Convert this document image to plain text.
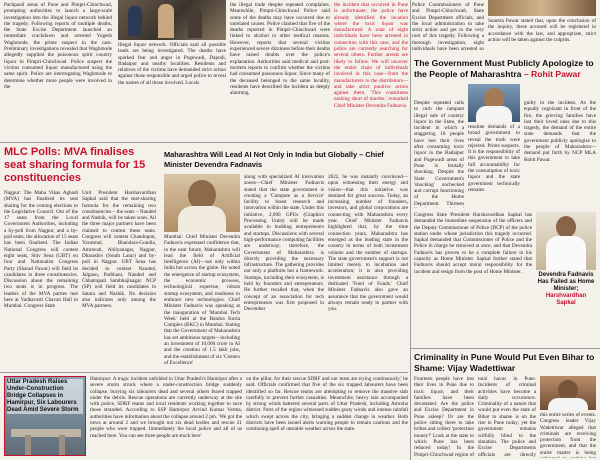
Pachpaoli areas of Pune and Pimpri-Chinchwad, prompting authorities to launch a large-scale investigation into the illegal liquor network behind the tragedy. Following reports of multiple deaths, the State Excise Department launched an immediate crackdown and arrested Yogesh Waghmode, the prime suspect in the case. Preliminary investigations revealed that Waghmode allegedly supplied the poisonous spirit country liquor in Pimpri-Chinchwad. Police suspect the victims consumed liquor manufactured using the same spirit. Police are interrogating Waghmode to determine whether more people were involved in the

Illegal liquor network. Officials said all possible leads are being investigated. The deaths have sparked fear and anger in Pugewadi, Dapodi, Badaipur and nearby localities. Residents and relatives of the victims have demanded strict action against those responsible and urged police to reveal the names of all those involved. Locals

the illegal trade despite repeated complaints. Meanwhile, Pimpri-Chinchwad Police said some of the deaths may have occurred due to unrelated causes. Police claimed that five of the deaths reported in Pimpri-Chinchwad were linked to alcohol or other medical reasons. However, reports that several victims experienced severe dizziness before their deaths have raised doubts over the police's explanation. Authorities said medical and post-mortem reports to confirm whether the victims had consumed poisonous liquor. Since many of the deceased belonged to the same locality, residents have described the incident as deeply alarming.

the incident that occurred in Pune is unfortunate; the police have already identified the location where the toxic liquor was manufactured. A total of eight individuals have been arrested in connection with this case, and the police are currently searching for several others. Further arrests are likely to follow. We will uncover the entire chain of individuals involved in this case—from the manufacturers to the distributors—and take strict punitive action against them. 'This constitutes nothing short of murder,' remarked Chief Minister Devendra Fadnavis.

Police Commissioners of Pune and Pimpri-Chinchwad, State Excise Department officials, and the local administration to take strict action and get to the very root of this tragedy. Following a thorough investigation, eight individuals have been arrested so

Sunetra Pawar stated that, upon the conclusion of the inquiry, these accused will be registered in accordance with the law, and appropriate, strict action will be taken against the culprits.

MLC Polls: MVA finalises seat sharing formula for 15 constituencies

Nagpur: The Maha Vikas Aghadi (MVA) has finalised its seat sharing for the coming elections to the Legislative Council. Out of the 17 seats from the Local Government Authorities, including a by-poll from Nagpur, and a by-poll seats, the allocation of 15 seats has been finalised. The Indian National Congress will contest eight seats, Shiv Sena (UBT) on four and Nationalist Congress Party (Sharad Pawar) will field its candidates in three constituencies. Discussion about the remaining two seats is in progress. The leaders of the MVA parties met here at Vadhavarti Chavan Hall in Mumbai. Congress State

Unit President Harshavardhan Sapkal said that the seat-sharing formula for the remaining two constituencies – the seats – Nanded and Nashik, will be taken soon. All the three major partners have been claimed to contest these seats. Congress will contest Chandrapur, Yavatmal, Bhandara-Gondia, Amravati, Ahilyanagar, Nagpur, Dharashiv (South Latur) and by-poll in Nagpur. UBT Sena has decided to contest Nanded, Jalgaon, Parbhani, Nanded and Chhatrapati Sambhajinagar. NCP (SP) will field its candidates in Satara and Nashik. No decision also indicates only among the MVA partners.

Maharashtra Will Lead AI Not Only in India but Globally – Chief Minister Devendra Fadnavis

Mumbai: Chief Minister Devendra Fadnavis expressed confidence that, in the near future, Maharashtra will lead the field of Artificial Intelligence (AI)—not only within India but across the globe. He noted the emergence of startup ecosystem, the economic prowess, technological expertise, robust startup ecosystem, and readiness to embrace new technologies. Chief Minister Fadnavis was speaking at the inauguration of 'Mumbai Tech Week' held at the Bandra Kurla Complex (BKC) in Mumbai. Stating that the Government of Maharashtra has set ambitious targets—including an investment of 10,000 crore in AI and the creation of 1.5 lakh jobs, and the establishment of six 'Centers of Excellence'

along with specialized AI innovation zones—Chief Minister Fadnavis stated that the state government is creating a 'Compute as a Service' facility to boost research and innovation within the state. Under this initiative, 2,000 GPUs (Graphics Processing Units) will be made available to budding entrepreneurs and startups. Discussions with several high-performance computing facilities are underway; therefore, the Government of Maharashtra is directly providing the necessary infrastructure. The gathering provides not only a platform but a framework. Startups, including their ecosystem, is held by founders and entrepreneurs. He further recalled that, when the concept of an association for tech entrepreneurs was first proposed in December

2022, he was instantly convinced—upon witnessing their energy and vision—that this initiative was destined for great success. Today, an increasing number of founders, investors, and global corporations are connecting with Maharashtra every year. Chief Minister Fadnavis highlighted that, by the time connection years, Maharashtra has emerged as the leading state in the country in terms of both investment volume and the number of startups. The state government's support is not limited merely to incubation and acceleration; it is also providing investment assistance through a dedicated 'Fund of Funds.' Chief Minister Fadnavis also gave an assurance that the government would always remain ready to partner with you.

Uttar Pradesh Raises Under-Construction Bridge Collapses in Hamirpur, Six Labourers Dead Amid Severe Storm

Hamirpur: A tragic incident unfolded in Uttar Pradesh's Hamirpur after a severe storm struck where a under-construction bridge suddenly collapse, burying six labourers dead and several others feared trapped under the debris. Rescue operations are currently underway at the site with police, SDRF teams and local residents working together to save those stranded. According to SSP Hamirpur Arvind Kumar Verma, authorities have information about the collapse around 2 pm. 'We got the news at around 2 and we brought out six dead bodies and rescue 21 people who were trapped. Immediately the local police and all of us reached here. You can see three people are stuck here'

on the pillar, for their rescue SDRF and our team are trying continuously,' he said. Officials confirmed that five of the six trapped labourers have been identified so far. Rescue teams are attempting to remove the massive slab carefully to prevent further casualties. Meanwhile, heavy rain accompanied by strong winds battered several parts of Uttar Pradesh, including Amroha district. Parts of the region witnessed sudden gusty winds and intense rainfall which swept across the city, bringing a sudden change in weather. Both districts have been issued alerts warning people to remain cautious and the continuing spell of unstable weather across the state.

The Government Must Publicly Apologize to the People of Maharashtra – Rohit Pawar

Despite repeated calls to curb the rampant illegal sale of country liquor in the State, the incident in which a staggering 18 people have lost their lives after consuming toxic liquor in the Badaipur and Pugewadi areas of Pune is brutally shocking. Despite the State Government's 'shocking' unchecked and corrupt functioning of the Home Department. Thirteen

resolute demands of a broad government to reveal the truth were rejected. Prime suspects. It is the responsibility of this government to take full accountability for the consumption of toxic liquor and the state government technically remains

guilty in the incident. As the equally cognizant in front of the fire, the grieving families have lost their loved ones due to this tragedy, the demand of the entire state demands that the government publicly apologize to the people of Maharashtra—demand put forth by NCP MLA Rohit Pawar.

Congress State President Harshavardhan Sapkal has demanded the immediate suspension of the officers and the Deputy Commissioner of Police (DCP) of the police station under whose jurisdiction this tragedy occurred. Sapkal demanded that Commissioner of Police and the Police in charge be removed at once, and that Devendra Fadnavis has proven to be a complete failure in his capacity as Home Minister. Sapkal further stated that Fadnavis should accept moral responsibility for the incident and resign from the post of Home Minister.

Devendra Fadnavis
Has Failed as Home Minister;
Harshvardhan Sapkal
Criminality in Pune Would Put Even Bihar to Shame: Vijay Wadettiwar

Fourteen people have lost their lives in Pune due to toxic liquor, and their families have been devastated. Are the police and Excise Department in Pune asleep? Or are the police sitting there to take bribes and collect 'protection money?' Look at the state to which Pune has been reduced today! In the Pimpri-Chinchwad region of

total havoc in Pune. Incidents of criminal activities have become a daily occurrence. Criminality of a nature that would put even the state of Bihar to shame is on the rise in Pune today; yet the government remains wilfully blind to the situation. The police and Excise Departments officials are directly

this entire series of events. Congress leader Vijay Wadettiwar alleged that criminals are receiving protection from the government, and that the entire matter is being
